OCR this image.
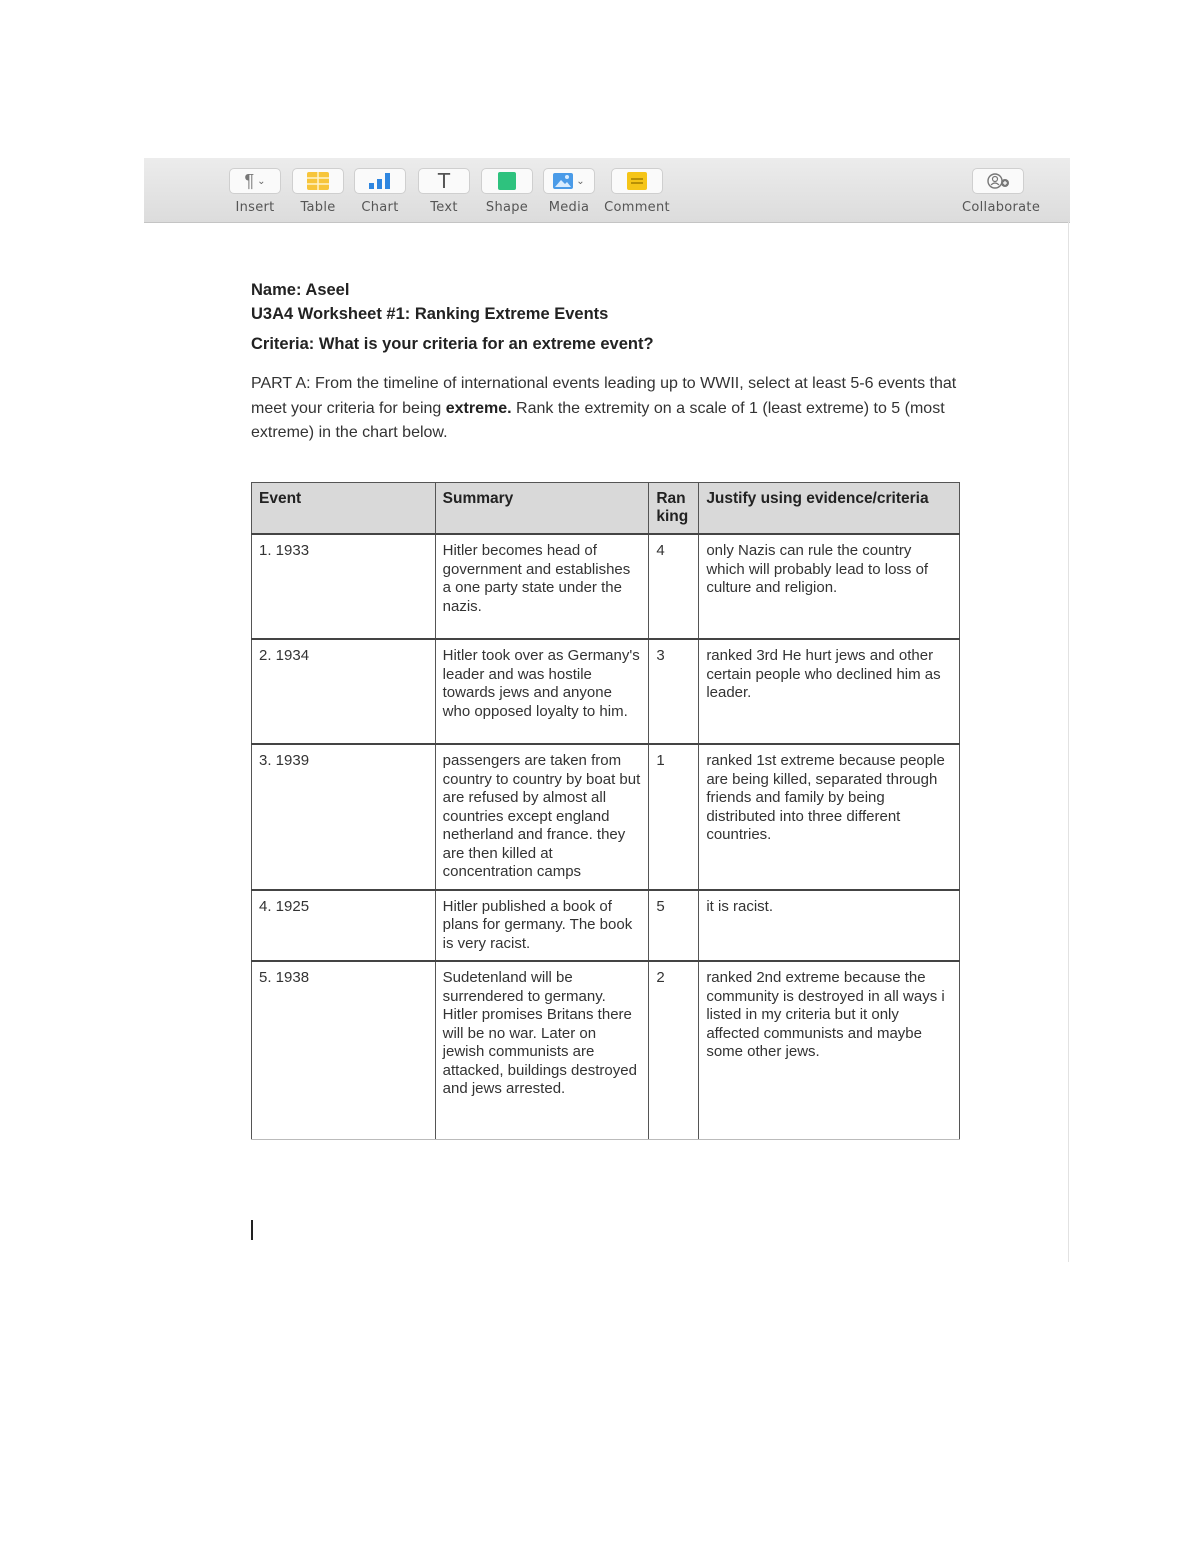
¶ ⌄
Insert	Table	Chart
T
Text	Shape
⌄
Media	Comment	Collaborate

Name: Aseel

U3A4 Worksheet #1: Ranking Extreme Events

Criteria: What is your criteria for an extreme event?

PART A: From the timeline of international events leading up to WWII, select at least 5-6 events that meet your criteria for being extreme. Rank the extremity on a scale of 1 (least extreme) to 5 (most extreme) in the chart below.

Event	Summary	Ran king	Justify using evidence/criteria
1. 1933	Hitler becomes head of government and establishes a one party state under the nazis.	4	only Nazis can rule the country which will probably lead to loss of culture and religion.
2. 1934	Hitler took over as Germany's leader and was hostile towards jews and anyone who opposed loyalty to him.	3	ranked 3rd He hurt jews and other certain people who declined him as leader.
3. 1939	passengers are taken from country to country by boat but are refused by almost all countries except england netherland and france. they are then killed at concentration camps	1	ranked 1st extreme because people are being killed, separated through friends and family by being distributed into three different countries.
4. 1925	Hitler published a book of plans for germany. The book is very racist.	5	it is racist.
5. 1938	Sudetenland will be surrendered to germany. Hitler promises Britans there will be no war. Later on jewish communists are attacked, buildings destroyed and jews arrested.	2	ranked 2nd extreme because the community is destroyed in all ways i listed in my criteria but it only affected communists and maybe some other jews.
